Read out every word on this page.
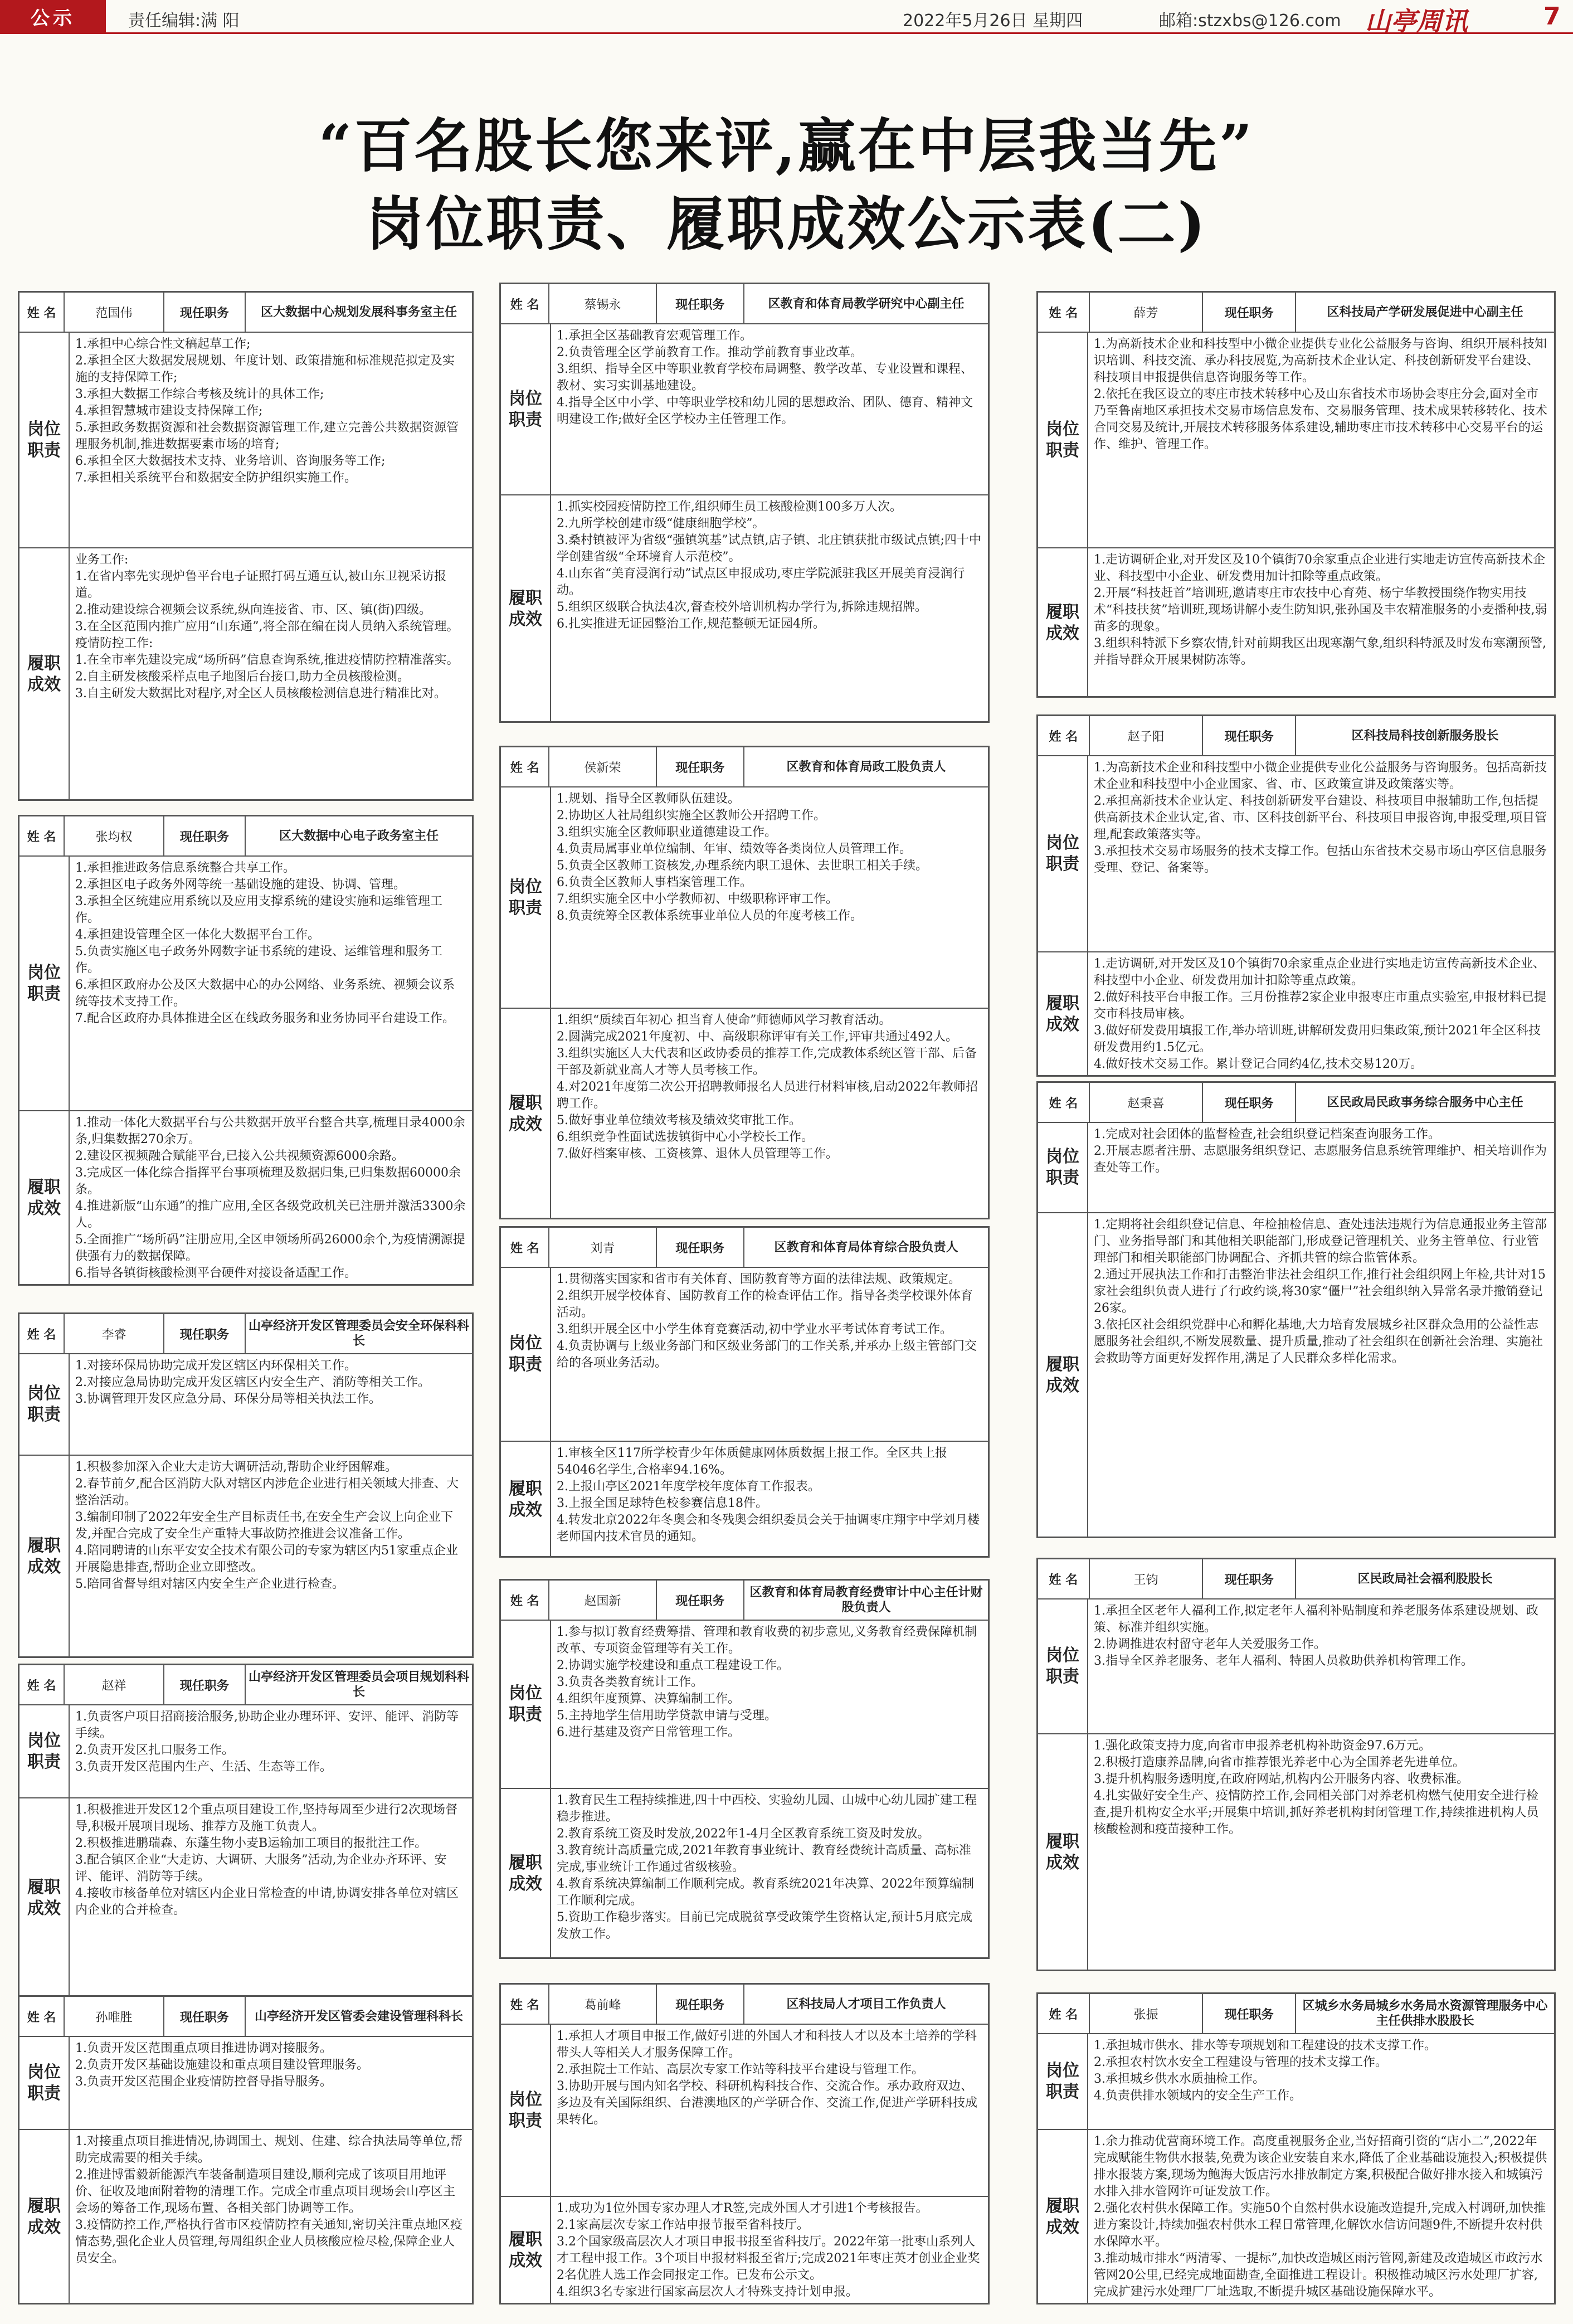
公示	责任编辑:满 阳	2022年5月26日 星期四	邮箱:stzxbs@126.com 山亭周讯	7
“百名股长您来评,赢在中层我当先”
岗位职责、履职成效公示表(二)
姓 名	范国伟	现任职务	区大数据中心规划发展科事务室主任
岗位职责

1.承担中心综合性文稿起草工作;

2.承担全区大数据发展规划、年度计划、政策措施和标准规范拟定及实施的支持保障工作;

3.承担大数据工作综合考核及统计的具体工作;

4.承担智慧城市建设支持保障工作;

5.承担政务数据资源和社会数据资源管理工作,建立完善公共数据资源管理服务机制,推进数据要素市场的培育;

6.承担全区大数据技术支持、业务培训、咨询服务等工作;

7.承担相关系统平台和数据安全防护组织实施工作。

履职成效

业务工作:

1.在省内率先实现炉鲁平台电子证照打码互通互认,被山东卫视采访报道。

2.推动建设综合视频会议系统,纵向连接省、市、区、镇(街)四级。

3.在全区范围内推广应用“山东通”,将全部在编在岗人员纳入系统管理。

疫情防控工作:

1.在全市率先建设完成“场所码”信息查询系统,推进疫情防控精准落实。

2.自主研发核酸采样点电子地图后台接口,助力全员核酸检测。

3.自主研发大数据比对程序,对全区人员核酸检测信息进行精准比对。

姓 名	张均权	现任职务	区大数据中心电子政务室主任
岗位职责

1.承担推进政务信息系统整合共享工作。

2.承担区电子政务外网等统一基础设施的建设、协调、管理。

3.承担全区统建应用系统以及应用支撑系统的建设实施和运维管理工作。

4.承担建设管理全区一体化大数据平台工作。

5.负责实施区电子政务外网数字证书系统的建设、运维管理和服务工作。

6.承担区政府办公及区大数据中心的办公网络、业务系统、视频会议系统等技术支持工作。

7.配合区政府办具体推进全区在线政务服务和业务协同平台建设工作。

履职成效

1.推动一体化大数据平台与公共数据开放平台整合共享,梳理目录4000余条,归集数据270余万。

2.建设区视频融合赋能平台,已接入公共视频资源6000余路。

3.完成区一体化综合指挥平台事项梳理及数据归集,已归集数据60000余条。

4.推进新版“山东通”的推广应用,全区各级党政机关已注册并激活3300余人。

5.全面推广“场所码”注册应用,全区申领场所码26000余个,为疫情溯源提供强有力的数据保障。

6.指导各镇街核酸检测平台硬件对接设备适配工作。

姓 名	李睿	现任职务
山亭经济开发区管理委员会安全环保科科长
岗位职责

1.对接环保局协助完成开发区辖区内环保相关工作。

2.对接应急局协助完成开发区辖区内安全生产、消防等相关工作。

3.协调管理开发区应急分局、环保分局等相关执法工作。

履职成效

1.积极参加深入企业大走访大调研活动,帮助企业纾困解难。

2.春节前夕,配合区消防大队对辖区内涉危企业进行相关领域大排查、大整治活动。

3.编制印制了2022年安全生产目标责任书,在安全生产会议上向企业下发,并配合完成了安全生产重特大事故防控推进会议准备工作。

4.陪同聘请的山东平安安全技术有限公司的专家为辖区内51家重点企业开展隐患排查,帮助企业立即整改。

5.陪同省督导组对辖区内安全生产企业进行检查。

姓 名	赵祥	现任职务
山亭经济开发区管理委员会项目规划科科长
岗位职责

1.负责客户项目招商接洽服务,协助企业办理环评、安评、能评、消防等手续。

2.负责开发区扎口服务工作。

3.负责开发区范围内生产、生活、生态等工作。

履职成效

1.积极推进开发区12个重点项目建设工作,坚持每周至少进行2次现场督导,积极开展项目现场、推荐方及施工负责人。

2.积极推进鹏瑞森、东蓬生物小麦B运输加工项目的报批注工作。

3.配合镇区企业“大走访、大调研、大服务”活动,为企业办齐环评、安评、能评、消防等手续。

4.接收市核备单位对辖区内企业日常检查的申请,协调安排各单位对辖区内企业的合并检查。

姓 名	孙唯胜	现任职务	山亭经济开发区管委会建设管理科科长
岗位职责

1.负责开发区范围重点项目推进协调对接服务。

2.负责开发区基础设施建设和重点项目建设管理服务。

3.负责开发区范围企业疫情防控督导指导服务。

履职成效

1.对接重点项目推进情况,协调国土、规划、住建、综合执法局等单位,帮助完成需要的相关手续。

2.推进博雷毅新能源汽车装备制造项目建设,顺利完成了该项目用地评价、征收及地面附着物的清理工作。完成全市重点项目现场会山亭区主会场的筹备工作,现场布置、各相关部门协调等工作。

3.疫情防控工作,严格执行省市区疫情防控有关通知,密切关注重点地区疫情态势,强化企业人员管理,每周组织企业人员核酸应检尽检,保障企业人员安全。

姓 名	蔡锡永	现任职务	区教育和体育局教学研究中心副主任
岗位职责

1.承担全区基础教育宏观管理工作。

2.负责管理全区学前教育工作。推动学前教育事业改革。

3.组织、指导全区中等职业教育学校布局调整、教学改革、专业设置和课程、教材、实习实训基地建设。

4.指导全区中小学、中等职业学校和幼儿园的思想政治、团队、德育、精神文明建设工作;做好全区学校办主任管理工作。

履职成效

1.抓实校园疫情防控工作,组织师生员工核酸检测100多万人次。

2.九所学校创建市级“健康细胞学校”。

3.桑村镇被评为省级“强镇筑基”试点镇,店子镇、北庄镇获批市级试点镇;四十中学创建省级“全环境育人示范校”。

4.山东省“美育浸润行动”试点区申报成功,枣庄学院派驻我区开展美育浸润行动。

5.组织区级联合执法4次,督查校外培训机构办学行为,拆除违规招牌。

6.扎实推进无证园整治工作,规范整顿无证园4所。

姓 名	侯新荣	现任职务	区教育和体育局政工股负责人
岗位职责

1.规划、指导全区教师队伍建设。

2.协助区人社局组织实施全区教师公开招聘工作。

3.组织实施全区教师职业道德建设工作。

4.负责局属事业单位编制、年审、绩效等各类岗位人员管理工作。

5.负责全区教师工资核发,办理系统内职工退休、去世职工相关手续。

6.负责全区教师人事档案管理工作。

7.组织实施全区中小学教师初、中级职称评审工作。

8.负责统筹全区教体系统事业单位人员的年度考核工作。

履职成效

1.组织“质续百年初心 担当育人使命”师德师风学习教育活动。

2.圆满完成2021年度初、中、高级职称评审有关工作,评审共通过492人。

3.组织实施区人大代表和区政协委员的推荐工作,完成教体系统区管干部、后备干部及新就业高人才等人员考核工作。

4.对2021年度第二次公开招聘教师报名人员进行材料审核,启动2022年教师招聘工作。

5.做好事业单位绩效考核及绩效奖审批工作。

6.组织竞争性面试选拔镇街中心小学校长工作。

7.做好档案审核、工资核算、退休人员管理等工作。

姓 名	刘青	现任职务	区教育和体育局体育综合股负责人
岗位职责

1.贯彻落实国家和省市有关体育、国防教育等方面的法律法规、政策规定。

2.组织开展学校体育、国防教育工作的检查评估工作。指导各类学校课外体育活动。

3.组织开展全区中小学生体育竞赛活动,初中学业水平考试体育考试工作。

4.负责协调与上级业务部门和区级业务部门的工作关系,并承办上级主管部门交给的各项业务活动。

履职成效

1.审核全区117所学校青少年体质健康网体质数据上报工作。全区共上报54046名学生,合格率94.16%。

2.上报山亭区2021年度学校年度体育工作报表。

3.上报全国足球特色校参赛信息18件。

4.转发北京2022年冬奥会和冬残奥会组织委员会关于抽调枣庄翔宇中学刘月楼老师国内技术官员的通知。

姓 名	赵国新	现任职务
区教育和体育局教育经费审计中心主任计财股负责人
岗位职责

1.参与拟订教育经费筹措、管理和教育收费的初步意见,义务教育经费保障机制改革、专项资金管理等有关工作。

2.协调实施学校建设和重点工程建设工作。

3.负责各类教育统计工作。

4.组织年度预算、决算编制工作。

5.主持地学生信用助学贷款申请与受理。

6.进行基建及资产日常管理工作。

履职成效

1.教育民生工程持续推进,四十中西校、实验幼儿园、山城中心幼儿园扩建工程稳步推进。

2.教育系统工资及时发放,2022年1-4月全区教育系统工资及时发放。

3.教育统计高质量完成,2021年教育事业统计、教育经费统计高质量、高标准完成,事业统计工作通过省级核验。

4.教育系统决算编制工作顺利完成。教育系统2021年决算、2022年预算编制工作顺利完成。

5.资助工作稳步落实。目前已完成脱贫享受政策学生资格认定,预计5月底完成发放工作。

姓 名	葛前峰	现任职务	区科技局人才项目工作负责人
岗位职责

1.承担人才项目申报工作,做好引进的外国人才和科技人才以及本土培养的学科带头人等相关人才服务保障工作。

2.承担院士工作站、高层次专家工作站等科技平台建设与管理工作。

3.协助开展与国内知名学校、科研机构科技合作、交流合作。承办政府双边、多边及有关国际组织、台港澳地区的产学研合作、交流工作,促进产学研科技成果转化。

履职成效

1.成功为1位外国专家办理人才R签,完成外国人才引进1个考核报告。

2.1家高层次专家工作站申报节报至省科技厅。

3.2个国家级高层次人才项目申报书报至省科技厅。2022年第一批枣山系列人才工程申报工作。3个项目申报材料报至省厅;完成2021年枣庄英才创业企业奖2名优胜人选工作会同报定工作。已发布公示文。

4.组织3名专家进行国家高层次人才特殊支持计划申报。

姓 名	薛芳	现任职务	区科技局产学研发展促进中心副主任
岗位职责

1.为高新技术企业和科技型中小微企业提供专业化公益服务与咨询、组织开展科技知识培训、科技交流、承办科技展览,为高新技术企业认定、科技创新研发平台建设、科技项目申报提供信息咨询服务等工作。

2.依托在我区设立的枣庄市技术转移中心及山东省技术市场协会枣庄分会,面对全市乃至鲁南地区承担技术交易市场信息发布、交易服务管理、技术成果转移转化、技术合同交易及统计,开展技术转移服务体系建设,辅助枣庄市技术转移中心交易平台的运作、维护、管理工作。

履职成效

1.走访调研企业,对开发区及10个镇街70余家重点企业进行实地走访宣传高新技术企业、科技型中小企业、研发费用加计扣除等重点政策。

2.开展“科技赶首”培训班,邀请枣庄市农技中心育苑、杨宁华教授围绕作物实用技术“科技扶贫”培训班,现场讲解小麦生防知识,张孙国及丰农精准服务的小麦播种技,弱苗多的现象。

3.组织科特派下乡察农情,针对前期我区出现寒潮气象,组织科特派及时发布寒潮预警,并指导群众开展果树防冻等。

姓 名	赵子阳	现任职务	区科技局科技创新服务股长
岗位职责

1.为高新技术企业和科技型中小微企业提供专业化公益服务与咨询服务。包括高新技术企业和科技型中小企业国家、省、市、区政策宣讲及政策落实等。

2.承担高新技术企业认定、科技创新研发平台建设、科技项目申报辅助工作,包括提供高新技术企业认定,省、市、区科技创新平台、科技项目申报咨询,申报受理,项目管理,配套政策落实等。

3.承担技术交易市场服务的技术支撑工作。包括山东省技术交易市场山亭区信息服务受理、登记、备案等。

履职成效

1.走访调研,对开发区及10个镇街70余家重点企业进行实地走访宣传高新技术企业、科技型中小企业、研发费用加计扣除等重点政策。

2.做好科技平台申报工作。三月份推荐2家企业申报枣庄市重点实验室,申报材料已提交市科技局审核。

3.做好研发费用填报工作,举办培训班,讲解研发费用归集政策,预计2021年全区科技研发费用约1.5亿元。

4.做好技术交易工作。累计登记合同约4亿,技术交易120万。

姓 名	赵秉喜	现任职务	区民政局民政事务综合服务中心主任
岗位职责

1.完成对社会团体的监督检查,社会组织登记档案查询服务工作。

2.开展志愿者注册、志愿服务组织登记、志愿服务信息系统管理维护、相关培训作为查处等工作。

履职成效

1.定期将社会组织登记信息、年检抽检信息、查处违法违规行为信息通报业务主管部门、业务指导部门和其他相关职能部门,形成登记管理机关、业务主管单位、行业管理部门和相关职能部门协调配合、齐抓共管的综合监管体系。

2.通过开展执法工作和打击整治非法社会组织工作,推行社会组织网上年检,共计对15家社会组织负责人进行了行政约谈,将30家“僵尸”社会组织纳入异常名录并撤销登记26家。

3.依托区社会组织党群中心和孵化基地,大力培育发展城乡社区群众急用的公益性志愿服务社会组织,不断发展数量、提升质量,推动了社会组织在创新社会治理、实施社会救助等方面更好发挥作用,满足了人民群众多样化需求。

姓 名	王钧	现任职务	区民政局社会福利股股长
岗位职责

1.承担全区老年人福利工作,拟定老年人福利补贴制度和养老服务体系建设规划、政策、标准并组织实施。

2.协调推进农村留守老年人关爱服务工作。

3.指导全区养老服务、老年人福利、特困人员救助供养机构管理工作。

履职成效

1.强化政策支持力度,向省市申报养老机构补助资金97.6万元。

2.积极打造康养品牌,向省市推荐银光养老中心为全国养老先进单位。

3.提升机构服务透明度,在政府网站,机构内公开服务内容、收费标准。

4.扎实做好安全生产、疫情防控工作,会同相关部门对养老机构燃气使用安全进行检查,提升机构安全水平;开展集中培训,抓好养老机构封闭管理工作,持续推进机构人员核酸检测和疫苗接种工作。

姓 名	张振	现任职务
区城乡水务局城乡水务局水资源管理服务中心主任供排水股股长
岗位职责

1.承担城市供水、排水等专项规划和工程建设的技术支撑工作。

2.承担农村饮水安全工程建设与管理的技术支撑工作。

3.承担城乡供水水质抽检工作。

4.负责供排水领域内的安全生产工作。

履职成效

1.余力推动优营商环境工作。高度重视服务企业,当好招商引资的“店小二”,2022年完成赋能生物供水报装,免费为该企业安装自来水,降低了企业基础设施投入;积极提供排水报装方案,现场为鲍海大饭店污水排放制定方案,积极配合做好排水接入和城镇污水排入排水管网许可证发放工作。

2.强化农村供水保障工作。实施50个自然村供水设施改造提升,完成入村调研,加快推进方案设计,持续加强农村供水工程日常管理,化解饮水信访问题9件,不断提升农村供水保障水平。

3.推动城市排水“两清零、一提标”,加快改造城区雨污管网,新建及改造城区市政污水管网20公里,已经完成地面勘查,全面推进工程设计。积极推动城区污水处理厂扩容,完成扩建污水处理厂厂址选取,不断提升城区基础设施保障水平。
